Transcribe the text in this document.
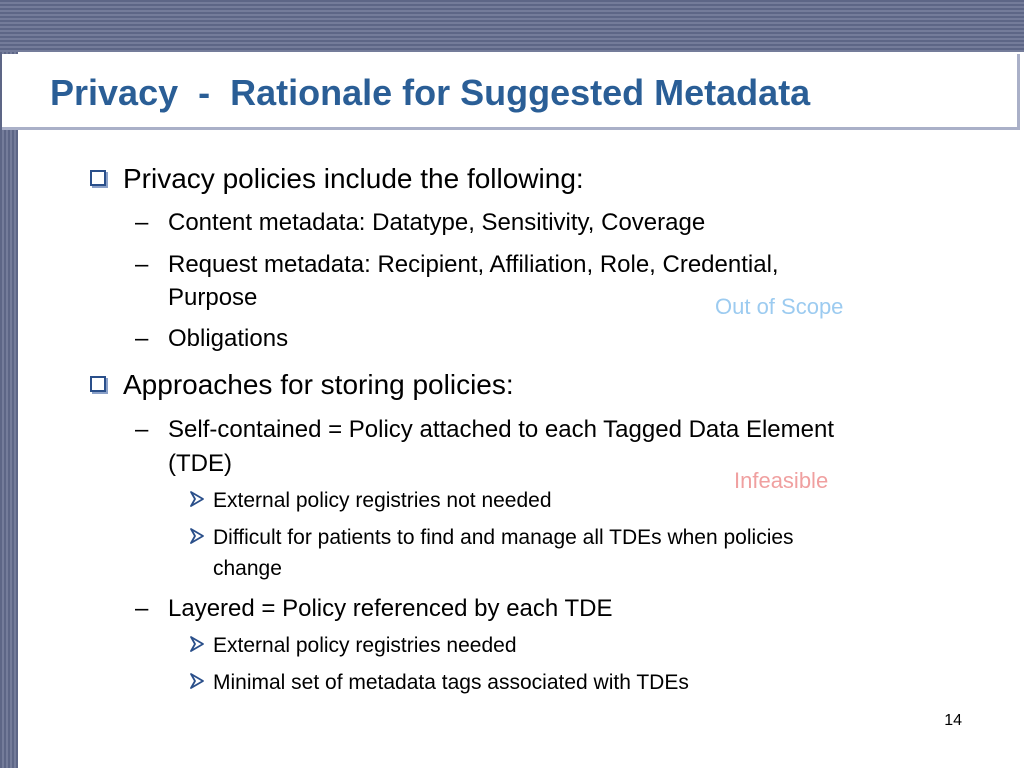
Privacy  -  Rationale for Suggested Metadata
Privacy policies include the following:
– Content metadata: Datatype, Sensitivity, Coverage
– Request metadata: Recipient, Affiliation, Role, Credential,
Purpose	Out of Scope
– Obligations
Approaches for storing policies:
– Self-contained = Policy attached to each Tagged Data Element
(TDE)
Infeasible
External policy registries not needed
Difficult for patients to find and manage all TDEs when policies
change
– Layered = Policy referenced by each TDE
External policy registries needed
Minimal set of metadata tags associated with TDEs
14
